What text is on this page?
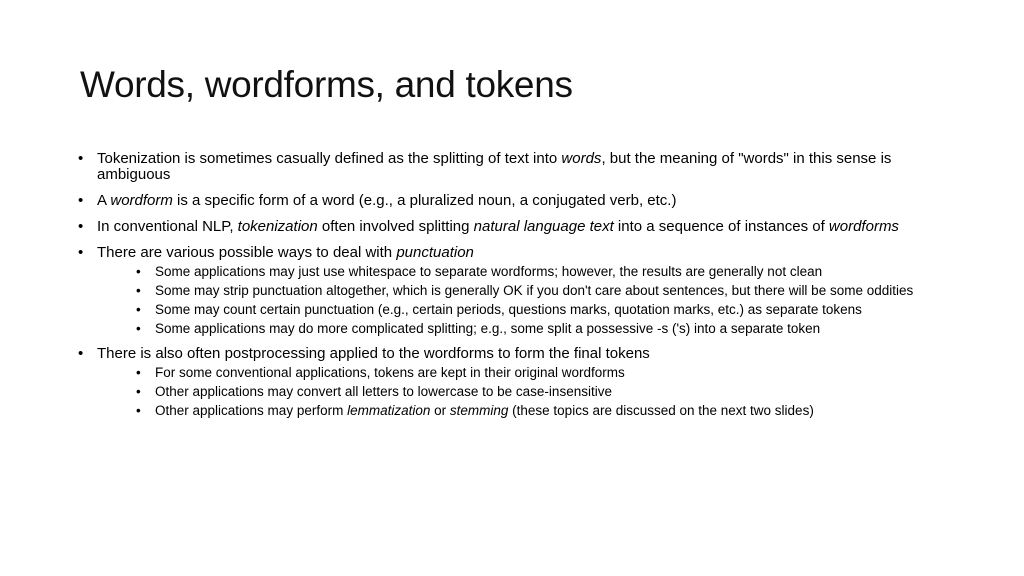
Words, wordforms, and tokens
• Tokenization is sometimes casually defined as the splitting of text into words, but the meaning of "words" in this sense is ambiguous
• A wordform is a specific form of a word (e.g., a pluralized noun, a conjugated verb, etc.)
• In conventional NLP, tokenization often involved splitting natural language text into a sequence of instances of wordforms
• There are various possible ways to deal with punctuation
• Some applications may just use whitespace to separate wordforms; however, the results are generally not clean
• Some may strip punctuation altogether, which is generally OK if you don't care about sentences, but there will be some oddities
• Some may count certain punctuation (e.g., certain periods, questions marks, quotation marks, etc.) as separate tokens
• Some applications may do more complicated splitting; e.g., some split a possessive -s ('s) into a separate token
• There is also often postprocessing applied to the wordforms to form the final tokens
• For some conventional applications, tokens are kept in their original wordforms
• Other applications may convert all letters to lowercase to be case-insensitive
• Other applications may perform lemmatization or stemming (these topics are discussed on the next two slides)
